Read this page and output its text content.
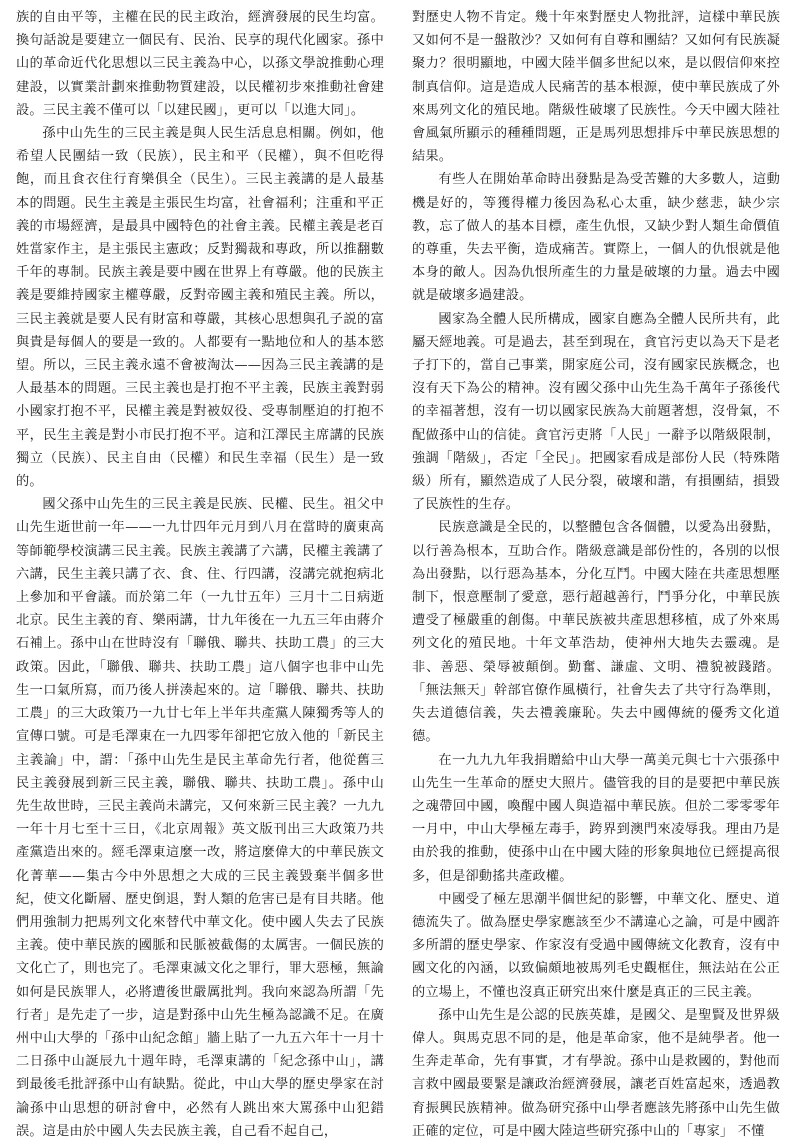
族的自由平等，主權在民的民主政治，經濟發展的民生均富。換句話說是要建立一個民有、民治、民享的現代化國家。孫中山的革命近代化思想以三民主義為中心，以孫文學說推動心理建設，以實業計劃來推動物質建設，以民權初步來推動社會建設。三民主義不僅可以「以建民國」，更可以「以進大同」。

孫中山先生的三民主義是與人民生活息息相關。例如，他希望人民團結一致（民族），民主和平（民權），與不但吃得飽，而且食衣住行育樂俱全（民生）。三民主義講的是人最基本的問題。民生主義是主張民生均富，社會福利；注重和平正義的市場經濟，是最具中國特色的社會主義。民權主義是老百姓當家作主，是主張民主憲政；反對獨裁和專政，所以推翻數千年的專制。民族主義是要中國在世界上有尊嚴。他的民族主義是要維持國家主權尊嚴，反對帝國主義和殖民主義。所以，三民主義就是要人民有財富和尊嚴，其核心思想與孔子説的富與貴是每個人的要是一致的。人都要有一點地位和人的基本慾望。所以，三民主義永遠不會被淘汰——因為三民主義講的是人最基本的問題。三民主義也是打抱不平主義，民族主義對弱小國家打抱不平，民權主義是對被奴役、受專制壓迫的打抱不平，民生主義是對小市民打抱不平。這和江澤民主席講的民族獨立（民族）、民主自由（民權）和民生幸福（民生）是一致的。

國父孫中山先生的三民主義是民族、民權、民生。祖父中山先生逝世前一年——一九廿四年元月到八月在當時的廣東高等師範學校演講三民主義。民族主義講了六講，民權主義講了六講，民生主義只講了衣、食、住、行四講，沒講完就抱病北上參加和平會議。而於第二年（一九廿五年）三月十二日病逝北京。民生主義的育、樂兩講，廿九年後在一九五三年由蔣介石補上。孫中山在世時沒有「聯俄、聯共、扶助工農」的三大政策。因此，「聯俄、聯共、扶助工農」這八個字也非中山先生一口氣所寫，而乃後人拼湊起來的。這「聯俄、聯共、扶助工農」的三大政策乃一九廿七年上半年共產黨人陳獨秀等人的宣傳口號。可是毛澤東在一九四零年卻把它放入他的「新民主主義論」中，謂：「孫中山先生是民主革命先行者，他從舊三民主義發展到新三民主義，聯俄、聯共、扶助工農」。孫中山先生故世時，三民主義尚未講完，又何來新三民主義？一九九一年十月七至十三日，《北京周報》英文版刊出三大政策乃共產黨造出來的。經毛澤東這麼一改，將這麼偉大的中華民族文化菁華——集古今中外思想之大成的三民主義毀棄半個多世紀，使文化斷層、歷史倒退，對人類的危害已是有目共睹。他們用強制力把馬列文化來替代中華文化。使中國人失去了民族主義。使中華民族的國脈和民脈被截傷的太厲害。一個民族的文化亡了，則也完了。毛澤東滅文化之罪行，罪大惡極，無論如何是民族罪人，必將遭後世嚴厲批判。我向來認為所謂「先行者」是先走了一步，這是對孫中山先生極為認識不足。在廣州中山大學的「孫中山紀念館」牆上貼了一九五六年十一月十二日孫中山誕辰九十週年時，毛澤東講的「紀念孫中山」，講到最後毛批評孫中山有缺點。從此，中山大學的歷史學家在討論孫中山思想的研討會中，必然有人跳出來大罵孫中山犯錯誤。這是由於中國人失去民族主義，自己看不起自己，

對歷史人物不肯定。幾十年來對歷史人物批評，這樣中華民族又如何不是一盤散沙？又如何有自尊和團結？又如何有民族凝聚力？很明顯地，中國大陸半個多世紀以來，是以假信仰來控制真信仰。這是造成人民痛苦的基本根源，使中華民族成了外來馬列文化的殖民地。階級性破壞了民族性。今天中國大陸社會風氣所顯示的種種問題，正是馬列思想排斥中華民族思想的結果。

有些人在開始革命時出發點是為受苦難的大多數人，這動機是好的，等獲得權力後因為私心太重，缺少慈悲，缺少宗教，忘了做人的基本目標，產生仇恨，又缺少對人類生命價值的尊重，失去平衡，造成痛苦。實際上，一個人的仇恨就是他本身的敵人。因為仇恨所產生的力量是破壞的力量。過去中國就是破壞多過建設。

國家為全體人民所構成，國家自應為全體人民所共有，此屬天經地義。可是過去，甚至到現在，貪官污吏以為天下是老子打下的，當自己事業，開家庭公司，沒有國家民族概念，也沒有天下為公的精神。沒有國父孫中山先生為千萬年子孫後代的幸福著想，沒有一切以國家民族為大前題著想，沒骨氣，不配做孫中山的信徒。貪官污吏將「人民」一辭予以階級限制，強調「階級」，否定「全民」。把國家看成是部份人民（特殊階級）所有，顯然造成了人民分裂，破壞和諧，有損團結，損毀了民族性的生存。

民族意識是全民的，以整體包含各個體，以愛為出發點，以行善為根本，互助合作。階級意識是部份性的，各別的以恨為出發點，以行惡為基本，分化互鬥。中國大陸在共產思想壓制下，恨意壓制了愛意，惡行超越善行，鬥爭分化，中華民族遭受了極嚴重的創傷。中華民族被共產思想移植，成了外來馬列文化的殖民地。十年文革浩劫，使神州大地失去靈魂。是非、善惡、榮辱被顛倒。勤奮、謙虛、文明、禮貌被踐踏。「無法無天」幹部官僚作風橫行，社會失去了共守行為準則，失去道德信義，失去禮義廉恥。失去中國傳統的優秀文化道德。

在一九九九年我捐贈給中山大學一萬美元與七十六張孫中山先生一生革命的歷史大照片。儘管我的目的是要把中華民族之魂帶回中國，喚醒中國人與造福中華民族。但於二零零零年一月中，中山大學極左毒手，跨界到澳門來凌辱我。理由乃是由於我的推動，使孫中山在中國大陸的形象與地位已經提高很多，但是卻動搖共產政權。

中國受了極左思潮半個世紀的影響，中華文化、歷史、道德流失了。做為歷史學家應該至少不講違心之論，可是中國許多所謂的歷史學家、作家沒有受過中國傳統文化教育，沒有中國文化的內涵，以致偏頗地被馬列毛史觀框住，無法站在公正的立場上，不懂也沒真正研究出來什麼是真正的三民主義。

孫中山先生是公認的民族英雄，是國父、是聖賢及世界級偉人。與馬克思不同的是，他是革命家，他不是純學者。他一生奔走革命，先有事實，才有學說。孫中山是救國的，對他而言救中國最要緊是讓政治經濟發展，讓老百姓富起來，透過教育振興民族精神。做為研究孫中山學者應該先將孫中山先生做正確的定位，可是中國大陸這些研究孫中山的「專家」 不懂
